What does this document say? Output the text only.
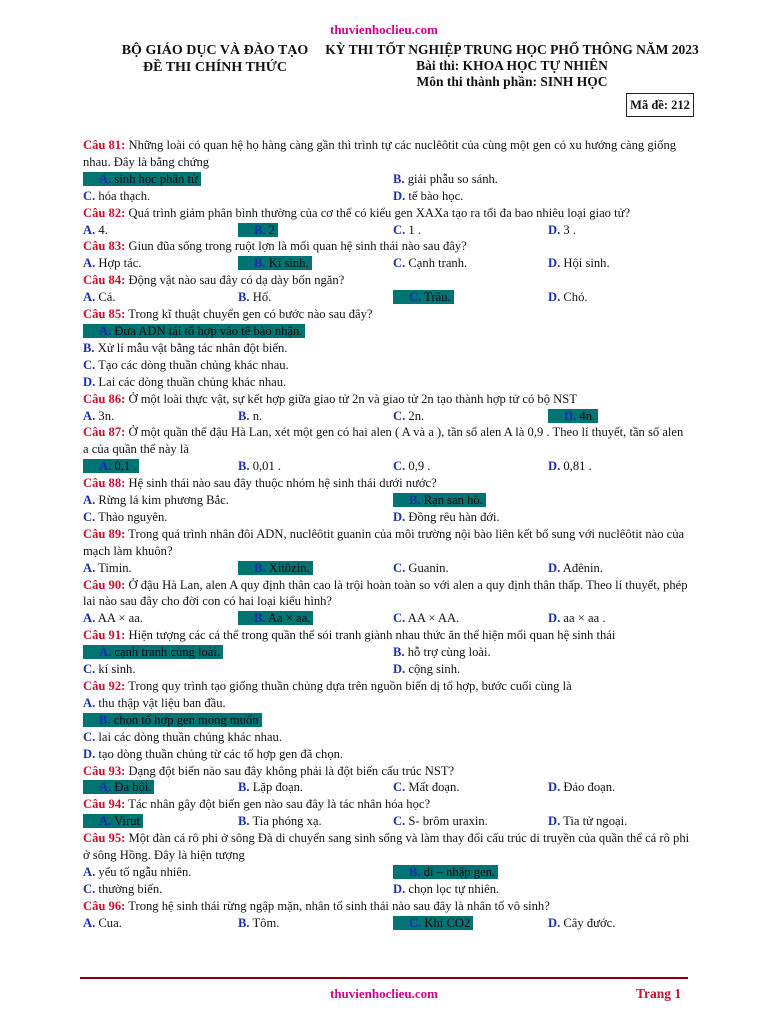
thuvienhoclieu.com
BỘ GIÁO DỤC VÀ ĐÀO TẠO
ĐỀ THI CHÍNH THỨC
KỲ THI TỐT NGHIỆP TRUNG HỌC PHỔ THÔNG NĂM 2023
Bài thi: KHOA HỌC TỰ NHIÊN
Môn thi thành phần: SINH HỌC
Mã đề: 212
Câu 81: Những loài có quan hệ họ hàng càng gần thì trình tự các nuclêôtit của cùng một gen có xu hướng càng giống nhau. Đây là bằng chứng
A. sinh học phân tử	B. giải phẫu so sánh.
C. hóa thạch.	D. tế bào học.
Câu 82: Quá trình giảm phân bình thường của cơ thể có kiểu gen XAXa tạo ra tối đa bao nhiêu loại giao tử?
A. 4.	B. 2	C. 1 .	D. 3 .
Câu 83: Giun đũa sống trong ruột lợn là mối quan hệ sinh thái nào sau đây?
A. Hợp tác.	B. Kí sinh.	C. Cạnh tranh.	D. Hội sinh.
Câu 84: Động vật nào sau đây có dạ dày bốn ngăn?
A. Cá.	B. Hổ.	C. Trâu.	D. Chó.
Câu 85: Trong kĩ thuật chuyển gen có bước nào sau đây?
A. Đưa ADN tái tổ hợp vào tế bào nhận.
B. Xử lí mẫu vật bằng tác nhân đột biến.
C. Tạo các dòng thuần chủng khác nhau.
D. Lai các dòng thuần chủng khác nhau.
Câu 86: Ở một loài thực vật, sự kết hợp giữa giao tử 2n và giao tử 2n tạo thành hợp tử có bộ NST
A. 3n.	B. n.	C. 2n.	D. 4n.
Câu 87: Ở một quần thể đậu Hà Lan, xét một gen có hai alen ( A và a ), tần số alen A là 0,9 . Theo lí thuyết, tần số alen a của quần thể này là
A. 0,1 .	B. 0,01 .	C. 0,9 .	D. 0,81 .
Câu 88: Hệ sinh thái nào sau đây thuộc nhóm hệ sinh thái dưới nước?
A. Rừng lá kim phương Bắc.	B. Rạn san hô.
C. Thảo nguyên.	D. Đồng rêu hàn đới.
Câu 89: Trong quá trình nhân đôi ADN, nuclêôtit guanin của môi trường nội bào liên kết bổ sung với nuclêôtit nào của mạch làm khuôn?
A. Timin.	B. Xitôzin.	C. Guanin.	D. Ađênin.
Câu 90: Ở đậu Hà Lan, alen A quy định thân cao là trội hoàn toàn so với alen a quy định thân thấp. Theo lí thuyết, phép lai nào sau đây cho đời con có hai loại kiểu hình?
A. AA × aa.	B. Aa × aa.	C. AA × AA.	D. aa × aa .
Câu 91: Hiện tượng các cá thể trong quần thể sói tranh giành nhau thức ăn thể hiện mối quan hệ sinh thái
A. cạnh tranh cùng loài.	B. hỗ trợ cùng loài.
C. kí sinh.	D. cộng sinh.
Câu 92: Trong quy trình tạo giống thuần chủng dựa trên nguồn biến dị tổ hợp, bước cuối cùng là
A. thu thập vật liệu ban đầu.
B. chọn tổ hợp gen mong muốn
C. lai các dòng thuần chủng khác nhau.
D. tạo dòng thuần chủng từ các tổ hợp gen đã chọn.
Câu 93: Dạng đột biến nào sau đây không phải là đột biến cấu trúc NST?
A. Đa bội.	B. Lặp đoạn.	C. Mất đoạn.	D. Đảo đoạn.
Câu 94: Tác nhân gây đột biến gen nào sau đây là tác nhân hóa học?
A. Virut	B. Tia phóng xạ.	C. S- brôm uraxin.	D. Tia tử ngoại.
Câu 95: Một đàn cá rô phi ở sông Đà di chuyển sang sinh sống và làm thay đổi cấu trúc di truyền của quần thể cá rô phi ở sông Hồng. Đây là hiện tượng
A. yếu tố ngẫu nhiên.	B. di – nhập gen.
C. thường biến.	D. chọn lọc tự nhiên.
Câu 96: Trong hệ sinh thái rừng ngập mặn, nhân tố sinh thái nào sau đây là nhân tố vô sinh?
A. Cua.	B. Tôm.	C. Khí CO2	D. Cây đước.
thuvienhoclieu.com	Trang 1
